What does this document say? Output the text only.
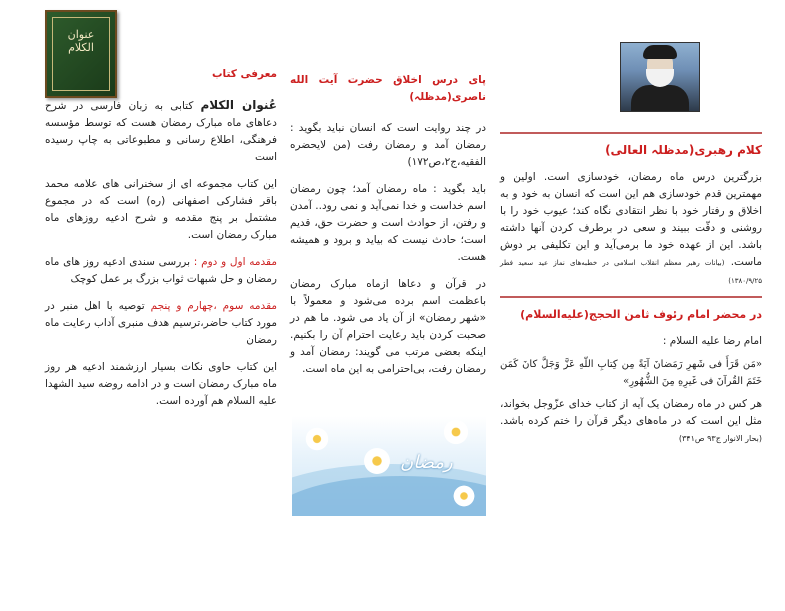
کلام رهبری(مدظلہ العالی)

بزرگترین درس ماه رمضان، خودسازی است. اولین و مهمترین قدم خودسازی هم این است که انسان به خود و به اخلاق و رفتار خود با نظر انتقادی نگاه کند؛ عیوب خود را با روشنی و دقّت ببیند و سعی در برطرف کردن آنها داشته باشد. این از عهده خود ما برمی‌آید و این تکلیفی بر دوش ماست. (بیانات رهبر معظم انقلاب اسلامی در خطبه‌های نماز عید سعید فطر ۱۳۸۰/۹/۲۵)

در محضر امام رئوف ثامن الحجج(علیه‌السلام)

امام رضا علیه السلام :

«مَن قَرَأَ فی شَهرِ رَمَضانَ آیَةً مِن کِتابِ اللّهِ عَزَّ وَجَلَّ کانَ کَمَن خَتَمَ القُرآنَ فی غَیرِهِ مِنَ الشُّهُورِ»

هر کس در ماه رمضان یک آیه از کتاب خدای عزّوجل بخواند، مثل این است که در ماه‌های دیگر قرآن را ختم کرده باشد. (بحار الانوار ج۹۳ ص۳۴۱)

پای درس اخلاق حضرت آیت الله ناصری(مدظلہ)

در چند روایت است که انسان نباید بگوید : رمضان آمد و رمضان رفت (من لایحضره الفقیه،ج۲،ص۱۷۲)

باید بگوید : ماه رمضان آمد؛ چون رمضان اسم خداست و خدا نمی‌آید و نمی رود.. آمدن و رفتن، از حوادث است و حضرت حق، قدیم است؛ حادث نیست که بیاید و برود و همیشه هست.

در قرآن و دعاها ازماه مبارک رمضان باعظمت اسم برده می‌شود و معمولاً با «شهر رمضان» از آن یاد می شود. ما هم در صحبت کردن باید رعایت احترام آن را بکنیم. اینکه بعضی مرتب می گویند: رمضان آمد و رمضان رفت، بی‌احترامی به این ماه است.

رمضان
عنوان الکلام
معرفی کتاب

عُنوان الکلام کتابی به زبان فارسی در شرح دعاهای ماه مبارک رمضان هست که توسط مؤسسه فرهنگی، اطلاع رسانی و مطبوعاتی به چاپ رسیده است

این کتاب مجموعه ای از سخنرانی های علامه محمد باقر فشارکی اصفهانی (ره) است که در مجموع مشتمل بر پنج مقدمه و شرح ادعیه روزهای ماه مبارک رمضان است.

مقدمه اول و دوم : بررسی سندی ادعیه روز های ماه رمضان و حل شبهات ثواب بزرگ بر عمل کوچک

مقدمه سوم ،چهارم و پنجم توصیه با اهل منبر در مورد کتاب حاضر،ترسیم هدف منبری آداب رعایت ماه رمضان

این کتاب حاوی نکات بسیار ارزشمند ادعیه هر روز ماه مبارک رمضان است و در ادامه روضه سید الشهدا علیه السلام هم آورده است.
